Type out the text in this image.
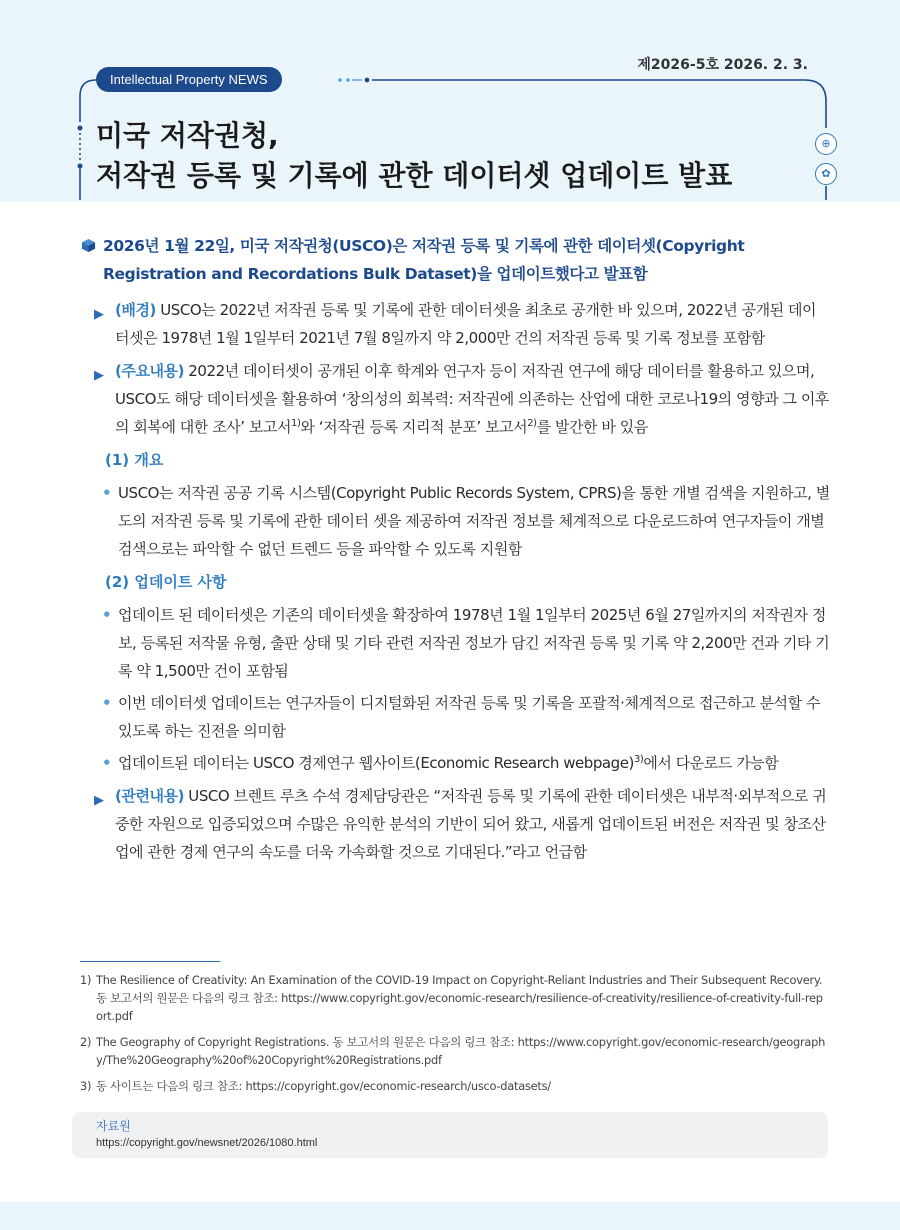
제2026-5호 2026. 2. 3.
Intellectual Property NEWS
미국 저작권청,
저작권 등록 및 기록에 관한 데이터셋 업데이트 발표
⊕
✿
2026년 1월 22일, 미국 저작권청(USCO)은 저작권 등록 및 기록에 관한 데이터셋(Copyright Registration and Recordations Bulk Dataset)을 업데이트했다고 발표함
▶ (배경) USCO는 2022년 저작권 등록 및 기록에 관한 데이터셋을 최초로 공개한 바 있으며, 2022년 공개된 데이터셋은 1978년 1월 1일부터 2021년 7월 8일까지 약 2,000만 건의 저작권 등록 및 기록 정보를 포함함
▶ (주요내용) 2022년 데이터셋이 공개된 이후 학계와 연구자 등이 저작권 연구에 해당 데이터를 활용하고 있으며, USCO도 해당 데이터셋을 활용하여 ‘창의성의 회복력: 저작권에 의존하는 산업에 대한 코로나19의 영향과 그 이후의 회복에 대한 조사’ 보고서$^{1)}$와 ‘저작권 등록 지리적 분포’ 보고서$^{2)}$를 발간한 바 있음
(1) 개요
• USCO는 저작권 공공 기록 시스템(Copyright Public Records System, CPRS)을 통한 개별 검색을 지원하고, 별도의 저작권 등록 및 기록에 관한 데이터 셋을 제공하여 저작권 정보를 체계적으로 다운로드하여 연구자들이 개별 검색으로는 파악할 수 없던 트렌드 등을 파악할 수 있도록 지원함
(2) 업데이트 사항
• 업데이트 된 데이터셋은 기존의 데이터셋을 확장하여 1978년 1월 1일부터 2025년 6월 27일까지의 저작권자 정보, 등록된 저작물 유형, 출판 상태 및 기타 관련 저작권 정보가 담긴 저작권 등록 및 기록 약 2,200만 건과 기타 기록 약 1,500만 건이 포함됨
• 이번 데이터셋 업데이트는 연구자들이 디지털화된 저작권 등록 및 기록을 포괄적·체계적으로 접근하고 분석할 수 있도록 하는 진전을 의미함
• 업데이트된 데이터는 USCO 경제연구 웹사이트(Economic Research webpage)$^{3)}$에서 다운로드 가능함
▶ (관련내용) USCO 브렌트 루츠 수석 경제담당관은 “저작권 등록 및 기록에 관한 데이터셋은 내부적·외부적으로 귀중한 자원으로 입증되었으며 수많은 유익한 분석의 기반이 되어 왔고, 새롭게 업데이트된 버전은 저작권 및 창조산업에 관한 경제 연구의 속도를 더욱 가속화할 것으로 기대된다.”라고 언급함
1) The Resilience of Creativity: An Examination of the COVID-19 Impact on Copyright-Reliant Industries and Their Subsequent Recovery. 동 보고서의 원문은 다음의 링크 참조: https://www.copyright.gov/economic-research/resilience-of-creativity/resilience-of-creativity-full-report.pdf
2) The Geography of Copyright Registrations. 동 보고서의 원문은 다음의 링크 참조: https://www.copyright.gov/economic-research/geography/The%20Geography%20of%20Copyright%20Registrations.pdf
3) 동 사이트는 다음의 링크 참조: https://copyright.gov/economic-research/usco-datasets/
자료원
https://copyright.gov/newsnet/2026/1080.html
